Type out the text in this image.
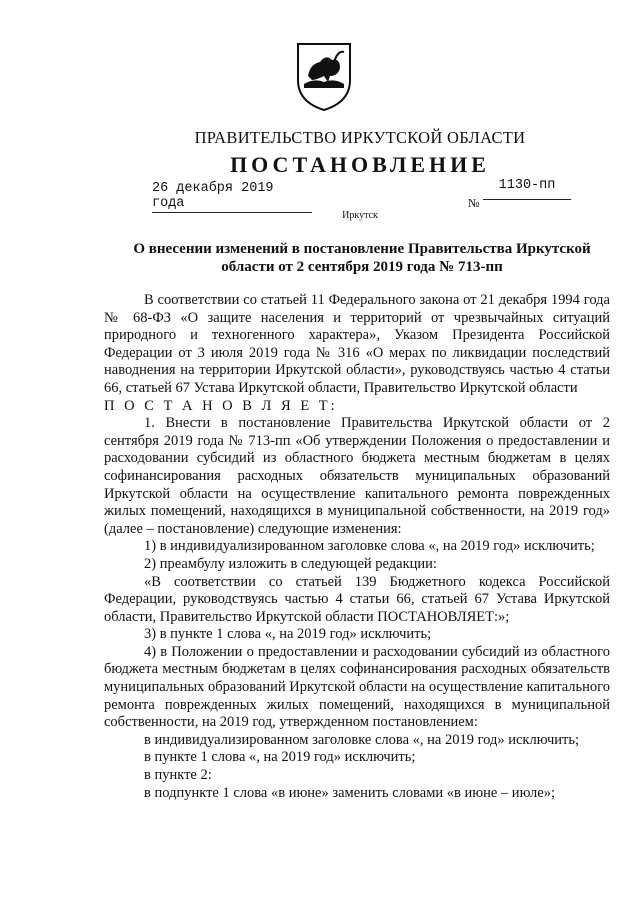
ПРАВИТЕЛЬСТВО ИРКУТСКОЙ ОБЛАСТИ
ПОСТАНОВЛЕНИЕ
26 декабря 2019 года	№
1130-пп
Иркутск
О внесении изменений в постановление Правительства Иркутской
области от 2 сентября 2019 года № 713-пп

В соответствии со статьей 11 Федерального закона от 21 декабря 1994 года № 68-ФЗ «О защите населения и территорий от чрезвычайных ситуаций природного и техногенного характера», Указом Президента Российской Федерации от 3 июля 2019 года № 316 «О мерах по ликвидации последствий наводнения на территории Иркутской области», руководствуясь частью 4 статьи 66, статьей 67 Устава Иркутской области, Правительство Иркутской области

П О С Т А Н О В Л Я Е Т:

1. Внести в постановление Правительства Иркутской области от 2 сентября 2019 года № 713-пп «Об утверждении Положения о предоставлении и расходовании субсидий из областного бюджета местным бюджетам в целях софинансирования расходных обязательств муниципальных образований Иркутской области на осуществление капитального ремонта поврежденных жилых помещений, находящихся в муниципальной собственности, на 2019 год» (далее – постановление) следующие изменения:

1) в индивидуализированном заголовке слова «, на 2019 год» исключить;

2) преамбулу изложить в следующей редакции:

«В соответствии со статьей 139 Бюджетного кодекса Российской Федерации, руководствуясь частью 4 статьи 66, статьей 67 Устава Иркутской области, Правительство Иркутской области ПОСТАНОВЛЯЕТ:»;

3) в пункте 1 слова «, на 2019 год» исключить;

4) в Положении о предоставлении и расходовании субсидий из областного бюджета местным бюджетам в целях софинансирования расходных обязательств муниципальных образований Иркутской области на осуществление капитального ремонта поврежденных жилых помещений, находящихся в муниципальной собственности, на 2019 год, утвержденном постановлением:

в индивидуализированном заголовке слова «, на 2019 год» исключить;

в пункте 1 слова «, на 2019 год» исключить;

в пункте 2:

в подпункте 1 слова «в июне» заменить словами «в июне – июле»;
